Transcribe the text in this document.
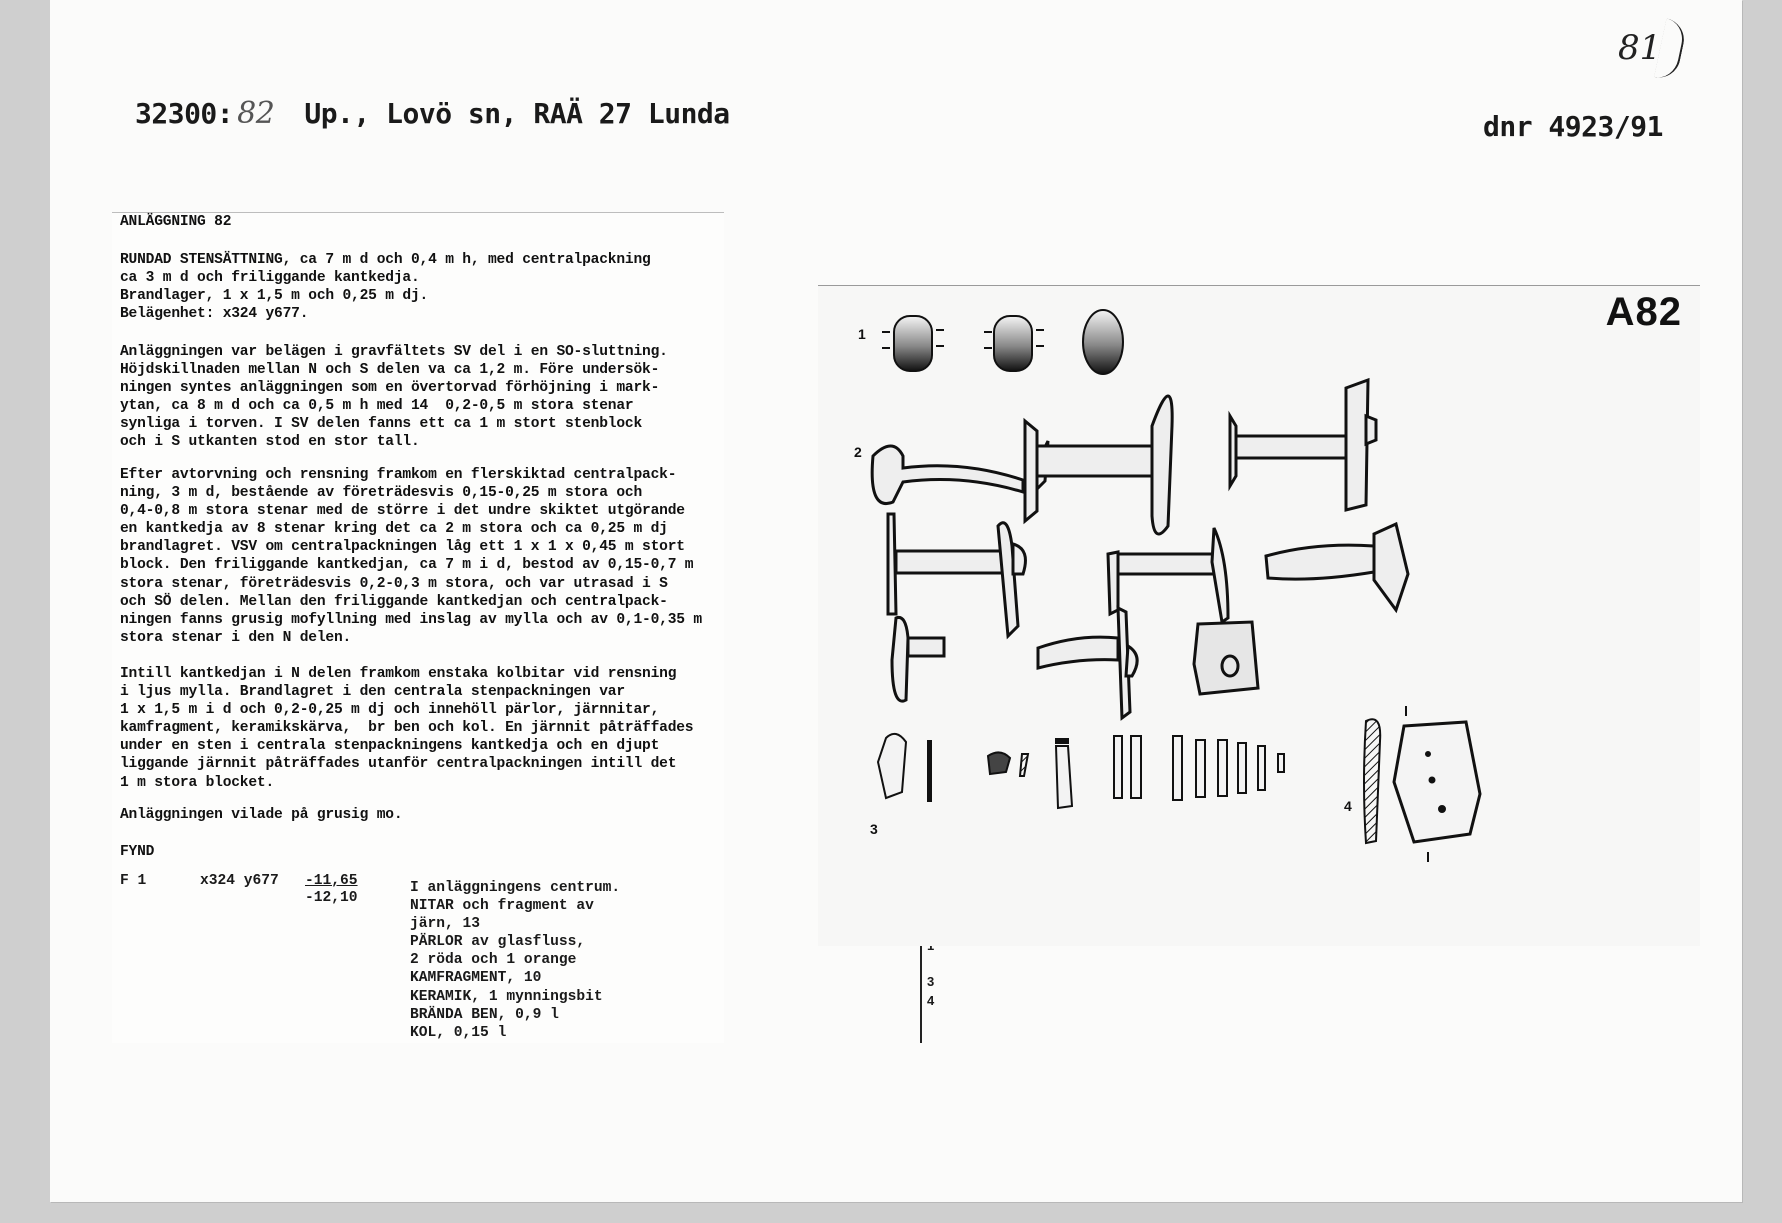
32300: 82 Up., Lovö sn, RAÄ 27 Lunda	dnr 4923/91
81
ANLÄGGNING 82
RUNDAD STENSÄTTNING, ca 7 m d och 0,4 m h, med centralpackning
ca 3 m d och friliggande kantkedja.
Brandlager, 1 x 1,5 m och 0,25 m dj.
Belägenhet: x324 y677.
Anläggningen var belägen i gravfältets SV del i en SO-sluttning.
Höjdskillnaden mellan N och S delen va ca 1,2 m. Före undersök-
ningen syntes anläggningen som en övertorvad förhöjning i mark-
ytan, ca 8 m d och ca 0,5 m h med 14  0,2-0,5 m stora stenar
synliga i torven. I SV delen fanns ett ca 1 m stort stenblock
och i S utkanten stod en stor tall.
Efter avtorvning och rensning framkom en flerskiktad centralpack-
ning, 3 m d, bestående av företrädesvis 0,15-0,25 m stora och
0,4-0,8 m stora stenar med de större i det undre skiktet utgörande
en kantkedja av 8 stenar kring det ca 2 m stora och ca 0,25 m dj
brandlagret. VSV om centralpackningen låg ett 1 x 1 x 0,45 m stort
block. Den friliggande kantkedjan, ca 7 m i d, bestod av 0,15-0,7 m
stora stenar, företrädesvis 0,2-0,3 m stora, och var utrasad i S
och SÖ delen. Mellan den friliggande kantkedjan och centralpack-
ningen fanns grusig mofyllning med inslag av mylla och av 0,1-0,35 m
stora stenar i den N delen.
Intill kantkedjan i N delen framkom enstaka kolbitar vid rensning
i ljus mylla. Brandlagret i den centrala stenpackningen var
1 x 1,5 m i d och 0,2-0,25 m dj och innehöll pärlor, järnnitar,
kamfragment, keramikskärva,  br ben och kol. En järnnit påträffades
under en sten i centrala stenpackningens kantkedja och en djupt
liggande järnnit påträffades utanför centralpackningen intill det
1 m stora blocket.
Anläggningen vilade på grusig mo.
FYND
F 1	x324 y677 -11,65
-12,10
I anläggningens centrum.
NITAR och fragment av
järn, 13
PÄRLOR av glasfluss,
2 röda och 1 orange
KAMFRAGMENT, 10
KERAMIK, 1 mynningsbit
BRÄNDA BEN, 0,9 l
KOL, 0,15 l
3
4
A82
1
2
3
4
